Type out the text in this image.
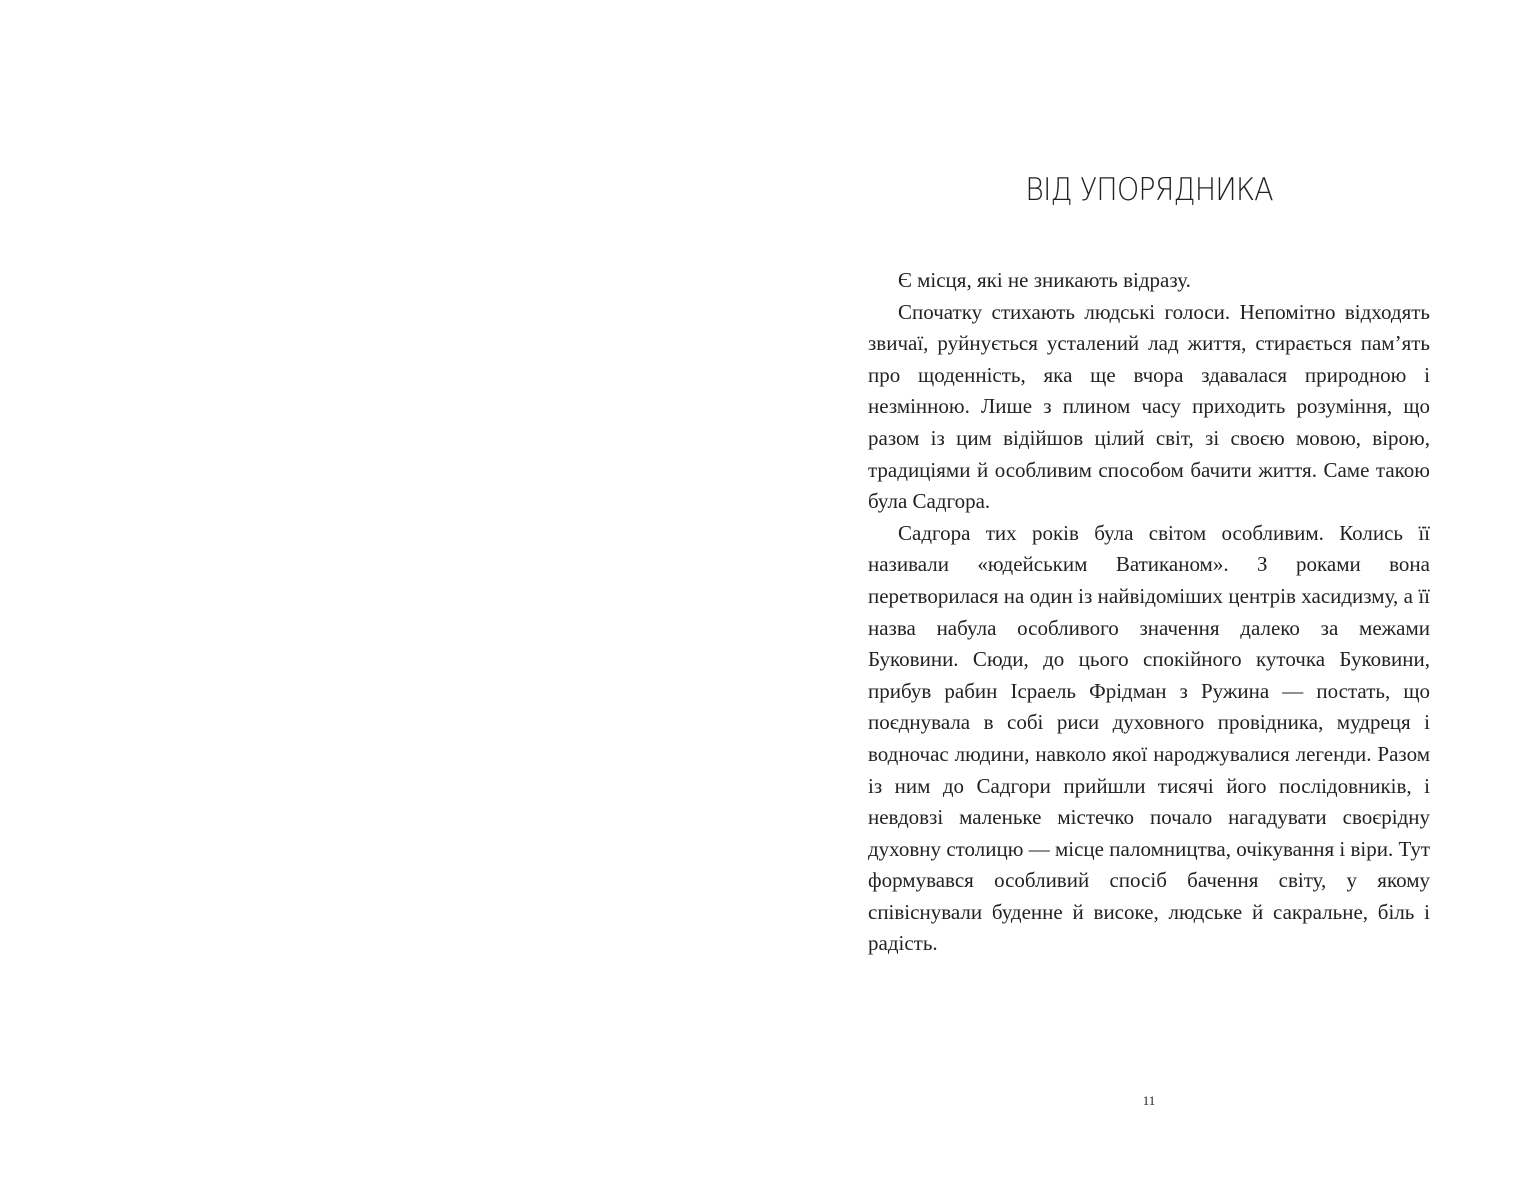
ВІД УПОРЯДНИКА

Є місця, які не зникають відразу.

Спочатку стихають людські голоси. Непомітно відходять звичаї, руйнується усталений лад життя, стирається пам’ять про щоденність, яка ще вчора здавалася природною і незмінною. Лише з плином часу приходить розуміння, що разом із цим відійшов цілий світ, зі своєю мовою, вірою, традиціями й особливим способом бачити життя. Саме такою була Садгора.

Садгора тих років була світом особливим. Колись її називали «юдейським Ватиканом». З роками вона перетворилася на один із найвідоміших центрів хасидизму, а її назва набула особливого значення далеко за межами Буковини. Сюди, до цього спокійного куточка Буковини, прибув рабин Ісраель Фрідман з Ружина — постать, що поєднувала в собі риси духовного провідника, мудреця і водночас людини, навколо якої народжувалися легенди. Разом із ним до Садгори прийшли тисячі його послідовників, і невдовзі маленьке містечко почало нагадувати своєрідну духовну столицю — місце паломництва, очікування і віри. Тут формувався особливий спосіб бачення світу, у якому співіснували буденне й високе, людське й сакральне, біль і радість.

11
